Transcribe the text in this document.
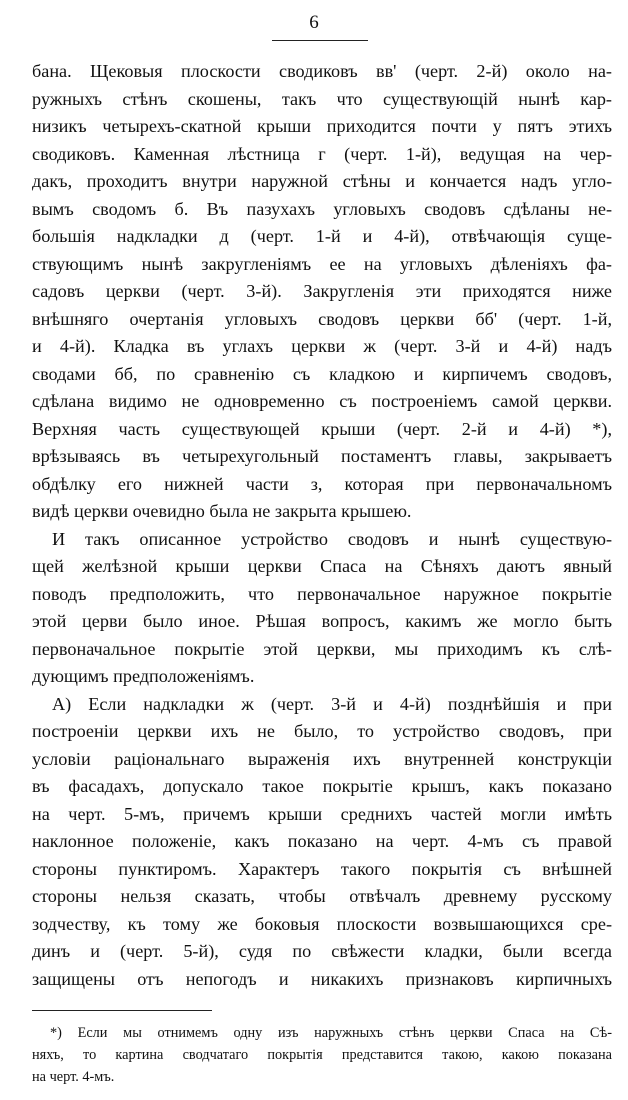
6
бана. Щековыя плоскости сводиковъ вв' (черт. 2-й) около на-
ружныхъ стѣнъ скошены, такъ что существующій нынѣ кар-
низикъ четырехъ-скатной крыши приходится почти у пятъ этихъ
сводиковъ. Каменная лѣстница г (черт. 1-й), ведущая на чер-
дакъ, проходитъ внутри наружной стѣны и кончается надъ угло-
вымъ сводомъ б. Въ пазухахъ угловыхъ сводовъ сдѣланы не-
большія надкладки д (черт. 1-й и 4-й), отвѣчающія суще-
ствующимъ нынѣ закругленіямъ ее на угловыхъ дѣленіяхъ фа-
садовъ церкви (черт. 3-й). Закругленія эти приходятся ниже
внѣшняго очертанія угловыхъ сводовъ церкви бб' (черт. 1-й,
и 4-й). Кладка въ углахъ церкви ж (черт. 3-й и 4-й) надъ
сводами бб, по сравненію съ кладкою и кирпичемъ сводовъ,
сдѣлана видимо не одновременно съ построеніемъ самой церкви.
Верхняя часть существующей крыши (черт. 2-й и 4-й) *),
врѣзываясь въ четырехугольный постаментъ главы, закрываетъ
обдѣлку его нижней части з, которая при первоначальномъ
видѣ церкви очевидно была не закрыта крышею.
И такъ описанное устройство сводовъ и нынѣ существую-
щей желѣзной крыши церкви Спаса на Сѣняхъ даютъ явный
поводъ предположить, что первоначальное наружное покрытіе
этой церви было иное. Рѣшая вопросъ, какимъ же могло быть
первоначальное покрытіе этой церкви, мы приходимъ къ слѣ-
дующимъ предположеніямъ.
А) Если надкладки ж (черт. 3-й и 4-й) позднѣйшія и при
построеніи церкви ихъ не было, то устройство сводовъ, при
условіи раціональнаго выраженія ихъ внутренней конструкціи
въ фасадахъ, допускало такое покрытіе крышъ, какъ показано
на черт. 5-мъ, причемъ крыши среднихъ частей могли имѣть
наклонное положеніе, какъ показано на черт. 4-мъ съ правой
стороны пунктиромъ. Характеръ такого покрытія съ внѣшней
стороны нельзя сказать, чтобы отвѣчалъ древнему русскому
зодчеству, къ тому же боковыя плоскости возвышающихся сре-
динъ и (черт. 5-й), судя по свѣжести кладки, были всегда
защищены отъ непогодъ и никакихъ признаковъ кирпичныхъ
*) Если мы отнимемъ одну изъ наружныхъ стѣнъ церкви Спаса на Сѣ-
няхъ, то картина сводчатаго покрытія представится такою, какою показана
на черт. 4-мъ.
